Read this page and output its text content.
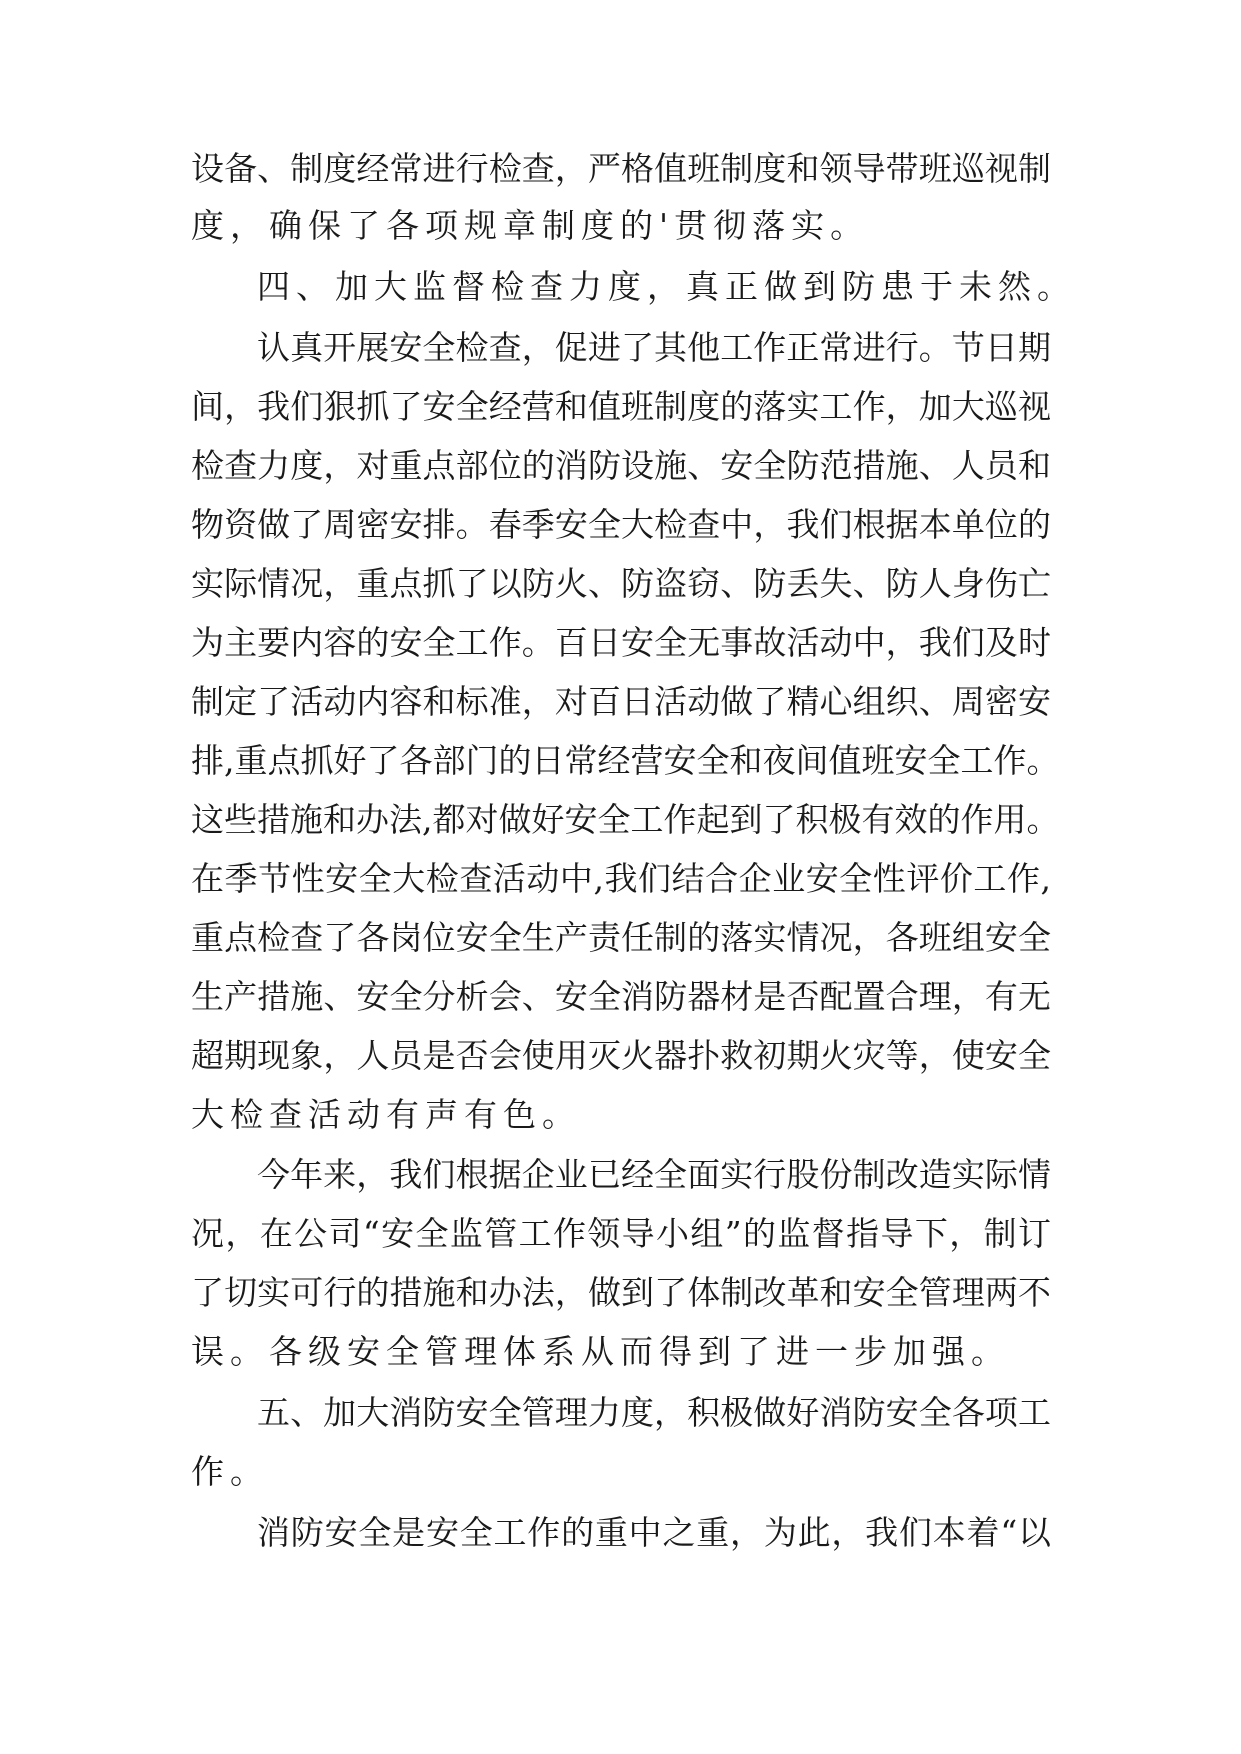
设备、制度经常进行检查，严格值班制度和领导带班巡视制
度，确保了各项规章制度的'贯彻落实。
四、加大监督检查力度，真正做到防患于未然。
认真开展安全检查，促进了其他工作正常进行。节日期
间，我们狠抓了安全经营和值班制度的落实工作，加大巡视
检查力度，对重点部位的消防设施、安全防范措施、人员和
物资做了周密安排。春季安全大检查中，我们根据本单位的
实际情况，重点抓了以防火、防盗窃、防丢失、防人身伤亡
为主要内容的安全工作。百日安全无事故活动中，我们及时
制定了活动内容和标准，对百日活动做了精心组织、周密安
排,重点抓好了各部门的日常经营安全和夜间值班安全工作。
这些措施和办法,都对做好安全工作起到了积极有效的作用。
在季节性安全大检查活动中,我们结合企业安全性评价工作,
重点检查了各岗位安全生产责任制的落实情况，各班组安全
生产措施、安全分析会、安全消防器材是否配置合理，有无
超期现象，人员是否会使用灭火器扑救初期火灾等，使安全
大检查活动有声有色。
今年来，我们根据企业已经全面实行股份制改造实际情
况，在公司“安全监管工作领导小组”的监督指导下，制订
了切实可行的措施和办法，做到了体制改革和安全管理两不
误。各级安全管理体系从而得到了进一步加强。
五、加大消防安全管理力度，积极做好消防安全各项工
作。
消防安全是安全工作的重中之重，为此，我们本着“以
